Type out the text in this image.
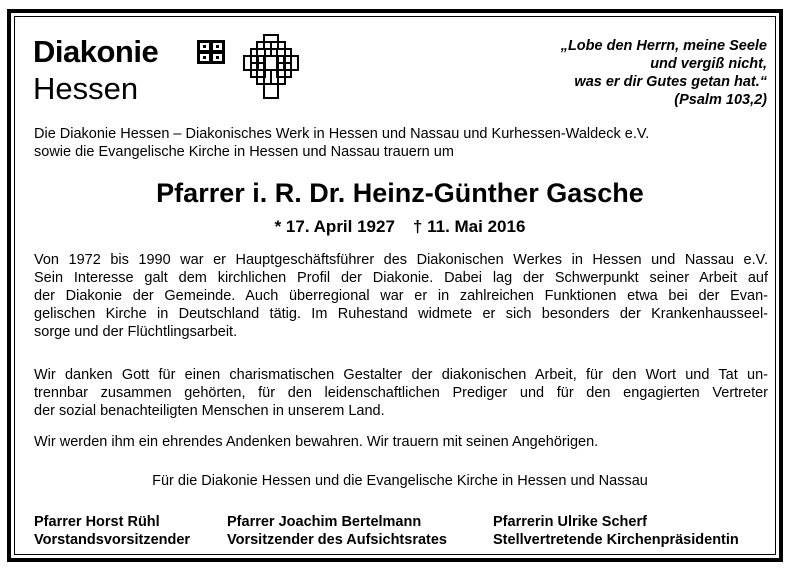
Diakonie
Hessen
„Lobe den Herrn, meine Seele
und vergiß nicht,
was er dir Gutes getan hat.“
(Psalm 103,2)
Die Diakonie Hessen – Diakonisches Werk in Hessen und Nassau und Kurhessen-Waldeck e.V.
sowie die Evangelische Kirche in Hessen und Nassau trauern um
Pfarrer i. R. Dr. Heinz-Günther Gasche
* 17. April 1927 † 11. Mai 2016
Von 1972 bis 1990 war er Hauptgeschäftsführer des Diakonischen Werkes in Hessen und Nassau e.V.
Sein Interesse galt dem kirchlichen Profil der Diakonie. Dabei lag der Schwerpunkt seiner Arbeit auf
der Diakonie der Gemeinde. Auch überregional war er in zahlreichen Funktionen etwa bei der Evan-
gelischen Kirche in Deutschland tätig. Im Ruhestand widmete er sich besonders der Krankenhausseel-
sorge und der Flüchtlingsarbeit.
Wir danken Gott für einen charismatischen Gestalter der diakonischen Arbeit, für den Wort und Tat un-
trennbar zusammen gehörten, für den leidenschaftlichen Prediger und für den engagierten Vertreter
der sozial benachteiligten Menschen in unserem Land.
Wir werden ihm ein ehrendes Andenken bewahren. Wir trauern mit seinen Angehörigen.
Für die Diakonie Hessen und die Evangelische Kirche in Hessen und Nassau
Pfarrer Horst Rühl
Vorstandsvorsitzender
Pfarrer Joachim Bertelmann
Vorsitzender des Aufsichtsrates
Pfarrerin Ulrike Scherf
Stellvertretende Kirchenpräsidentin
